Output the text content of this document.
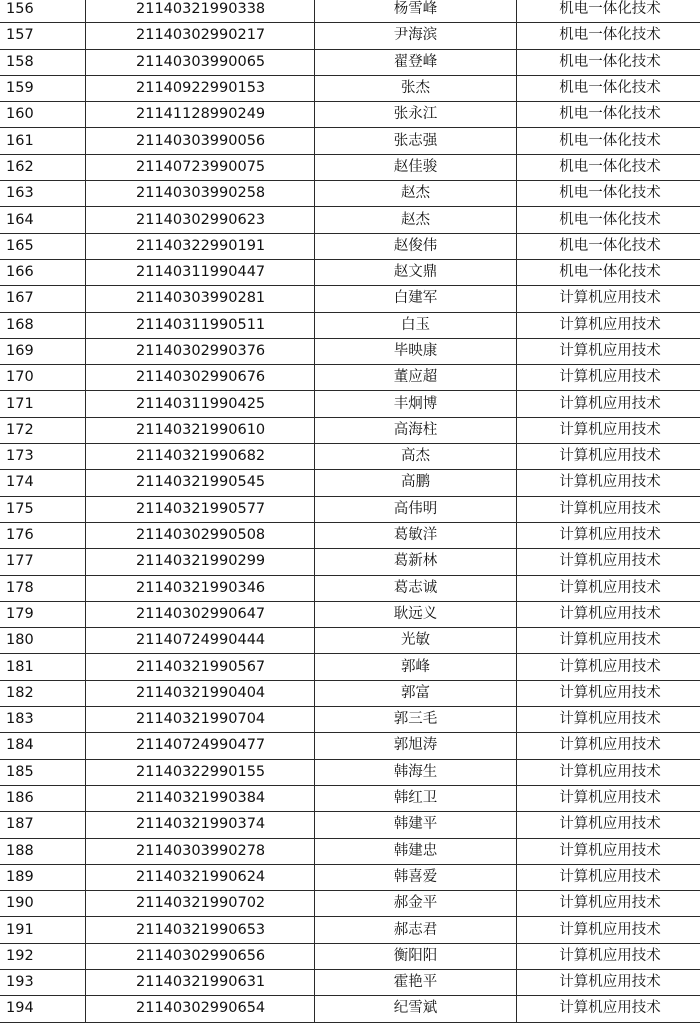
156	21140321990338	杨雪峰	机电一体化技术
157	21140302990217	尹海滨	机电一体化技术
158	21140303990065	翟登峰	机电一体化技术
159	21140922990153	张杰	机电一体化技术
160	21141128990249	张永江	机电一体化技术
161	21140303990056	张志强	机电一体化技术
162	21140723990075	赵佳骏	机电一体化技术
163	21140303990258	赵杰	机电一体化技术
164	21140302990623	赵杰	机电一体化技术
165	21140322990191	赵俊伟	机电一体化技术
166	21140311990447	赵文鼎	机电一体化技术
167	21140303990281	白建军	计算机应用技术
168	21140311990511	白玉	计算机应用技术
169	21140302990376	毕映康	计算机应用技术
170	21140302990676	董应超	计算机应用技术
171	21140311990425	丰炯博	计算机应用技术
172	21140321990610	高海柱	计算机应用技术
173	21140321990682	高杰	计算机应用技术
174	21140321990545	高鹏	计算机应用技术
175	21140321990577	高伟明	计算机应用技术
176	21140302990508	葛敏洋	计算机应用技术
177	21140321990299	葛新林	计算机应用技术
178	21140321990346	葛志诚	计算机应用技术
179	21140302990647	耿远义	计算机应用技术
180	21140724990444	光敏	计算机应用技术
181	21140321990567	郭峰	计算机应用技术
182	21140321990404	郭富	计算机应用技术
183	21140321990704	郭三毛	计算机应用技术
184	21140724990477	郭旭涛	计算机应用技术
185	21140322990155	韩海生	计算机应用技术
186	21140321990384	韩红卫	计算机应用技术
187	21140321990374	韩建平	计算机应用技术
188	21140303990278	韩建忠	计算机应用技术
189	21140321990624	韩喜爱	计算机应用技术
190	21140321990702	郝金平	计算机应用技术
191	21140321990653	郝志君	计算机应用技术
192	21140302990656	衡阳阳	计算机应用技术
193	21140321990631	霍艳平	计算机应用技术
194	21140302990654	纪雪斌	计算机应用技术
